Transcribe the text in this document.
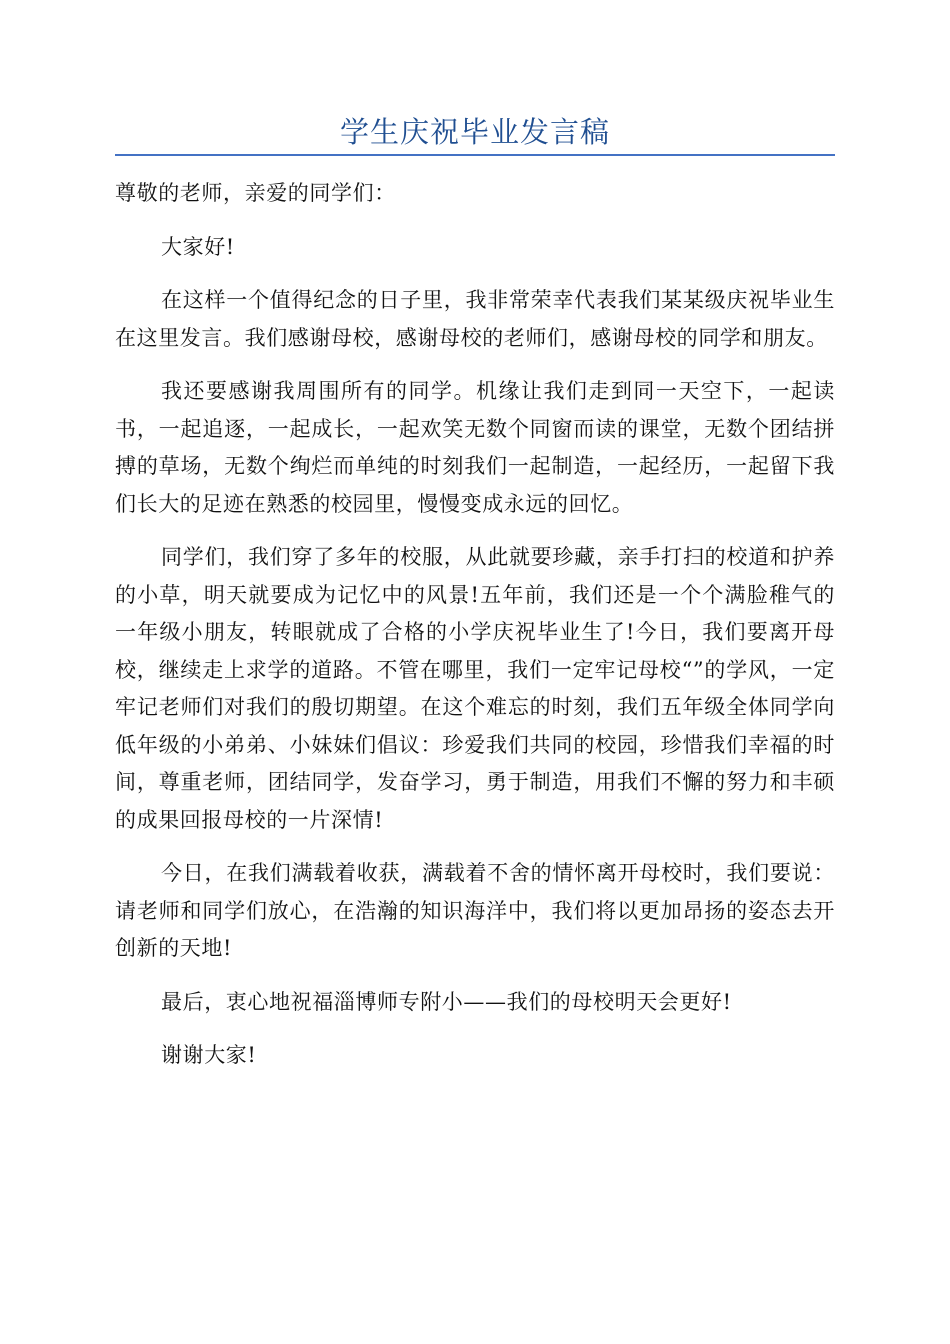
学生庆祝毕业发言稿

尊敬的老师，亲爱的同学们：

大家好!

在这样一个值得纪念的日子里，我非常荣幸代表我们某某级庆祝毕业生在这里发言。我们感谢母校，感谢母校的老师们，感谢母校的同学和朋友。

我还要感谢我周围所有的同学。机缘让我们走到同一天空下，一起读书，一起追逐，一起成长，一起欢笑无数个同窗而读的课堂，无数个团结拼搏的草场，无数个绚烂而单纯的时刻我们一起制造，一起经历，一起留下我们长大的足迹在熟悉的校园里，慢慢变成永远的回忆。

同学们，我们穿了多年的校服，从此就要珍藏，亲手打扫的校道和护养的小草，明天就要成为记忆中的风景!五年前，我们还是一个个满脸稚气的一年级小朋友，转眼就成了合格的小学庆祝毕业生了!今日，我们要离开母校，继续走上求学的道路。不管在哪里，我们一定牢记母校“”的学风，一定牢记老师们对我们的殷切期望。在这个难忘的时刻，我们五年级全体同学向低年级的小弟弟、小妹妹们倡议：珍爱我们共同的校园，珍惜我们幸福的时间，尊重老师，团结同学，发奋学习，勇于制造，用我们不懈的努力和丰硕的成果回报母校的一片深情!

今日，在我们满载着收获，满载着不舍的情怀离开母校时，我们要说：请老师和同学们放心，在浩瀚的知识海洋中，我们将以更加昂扬的姿态去开创新的天地!

最后，衷心地祝福淄博师专附小——我们的母校明天会更好!

谢谢大家!
